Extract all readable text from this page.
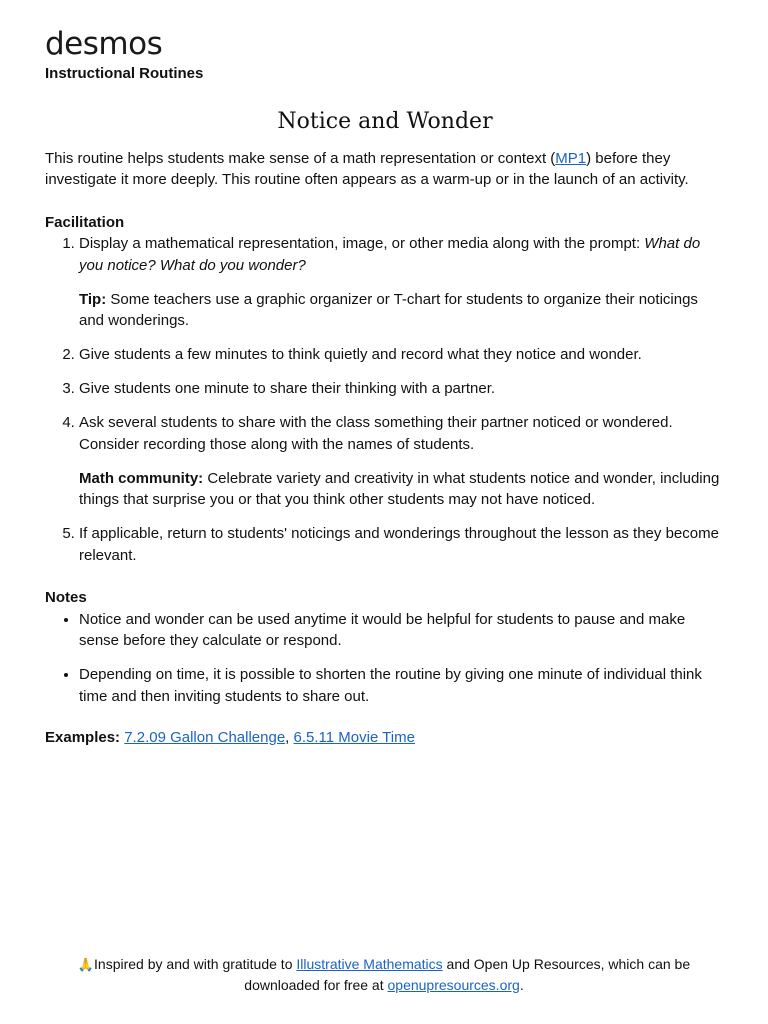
desmos
Instructional Routines
Notice and Wonder

This routine helps students make sense of a math representation or context (MP1) before they investigate it more deeply. This routine often appears as a warm-up or in the launch of an activity.

Facilitation
1. Display a mathematical representation, image, or other media along with the prompt: What do you notice? What do you wonder?

Tip: Some teachers use a graphic organizer or T-chart for students to organize their noticings and wonderings.

2. Give students a few minutes to think quietly and record what they notice and wonder.
3. Give students one minute to share their thinking with a partner.
4. Ask several students to share with the class something their partner noticed or wondered. Consider recording those along with the names of students.

Math community: Celebrate variety and creativity in what students notice and wonder, including things that surprise you or that you think other students may not have noticed.

5. If applicable, return to students' noticings and wonderings throughout the lesson as they become relevant.
Notes
• Notice and wonder can be used anytime it would be helpful for students to pause and make sense before they calculate or respond.
• Depending on time, it is possible to shorten the routine by giving one minute of individual think time and then inviting students to share out.

Examples: 7.2.09 Gallon Challenge, 6.5.11 Movie Time

🙏Inspired by and with gratitude to Illustrative Mathematics and Open Up Resources, which can be downloaded for free at openupresources.org.
